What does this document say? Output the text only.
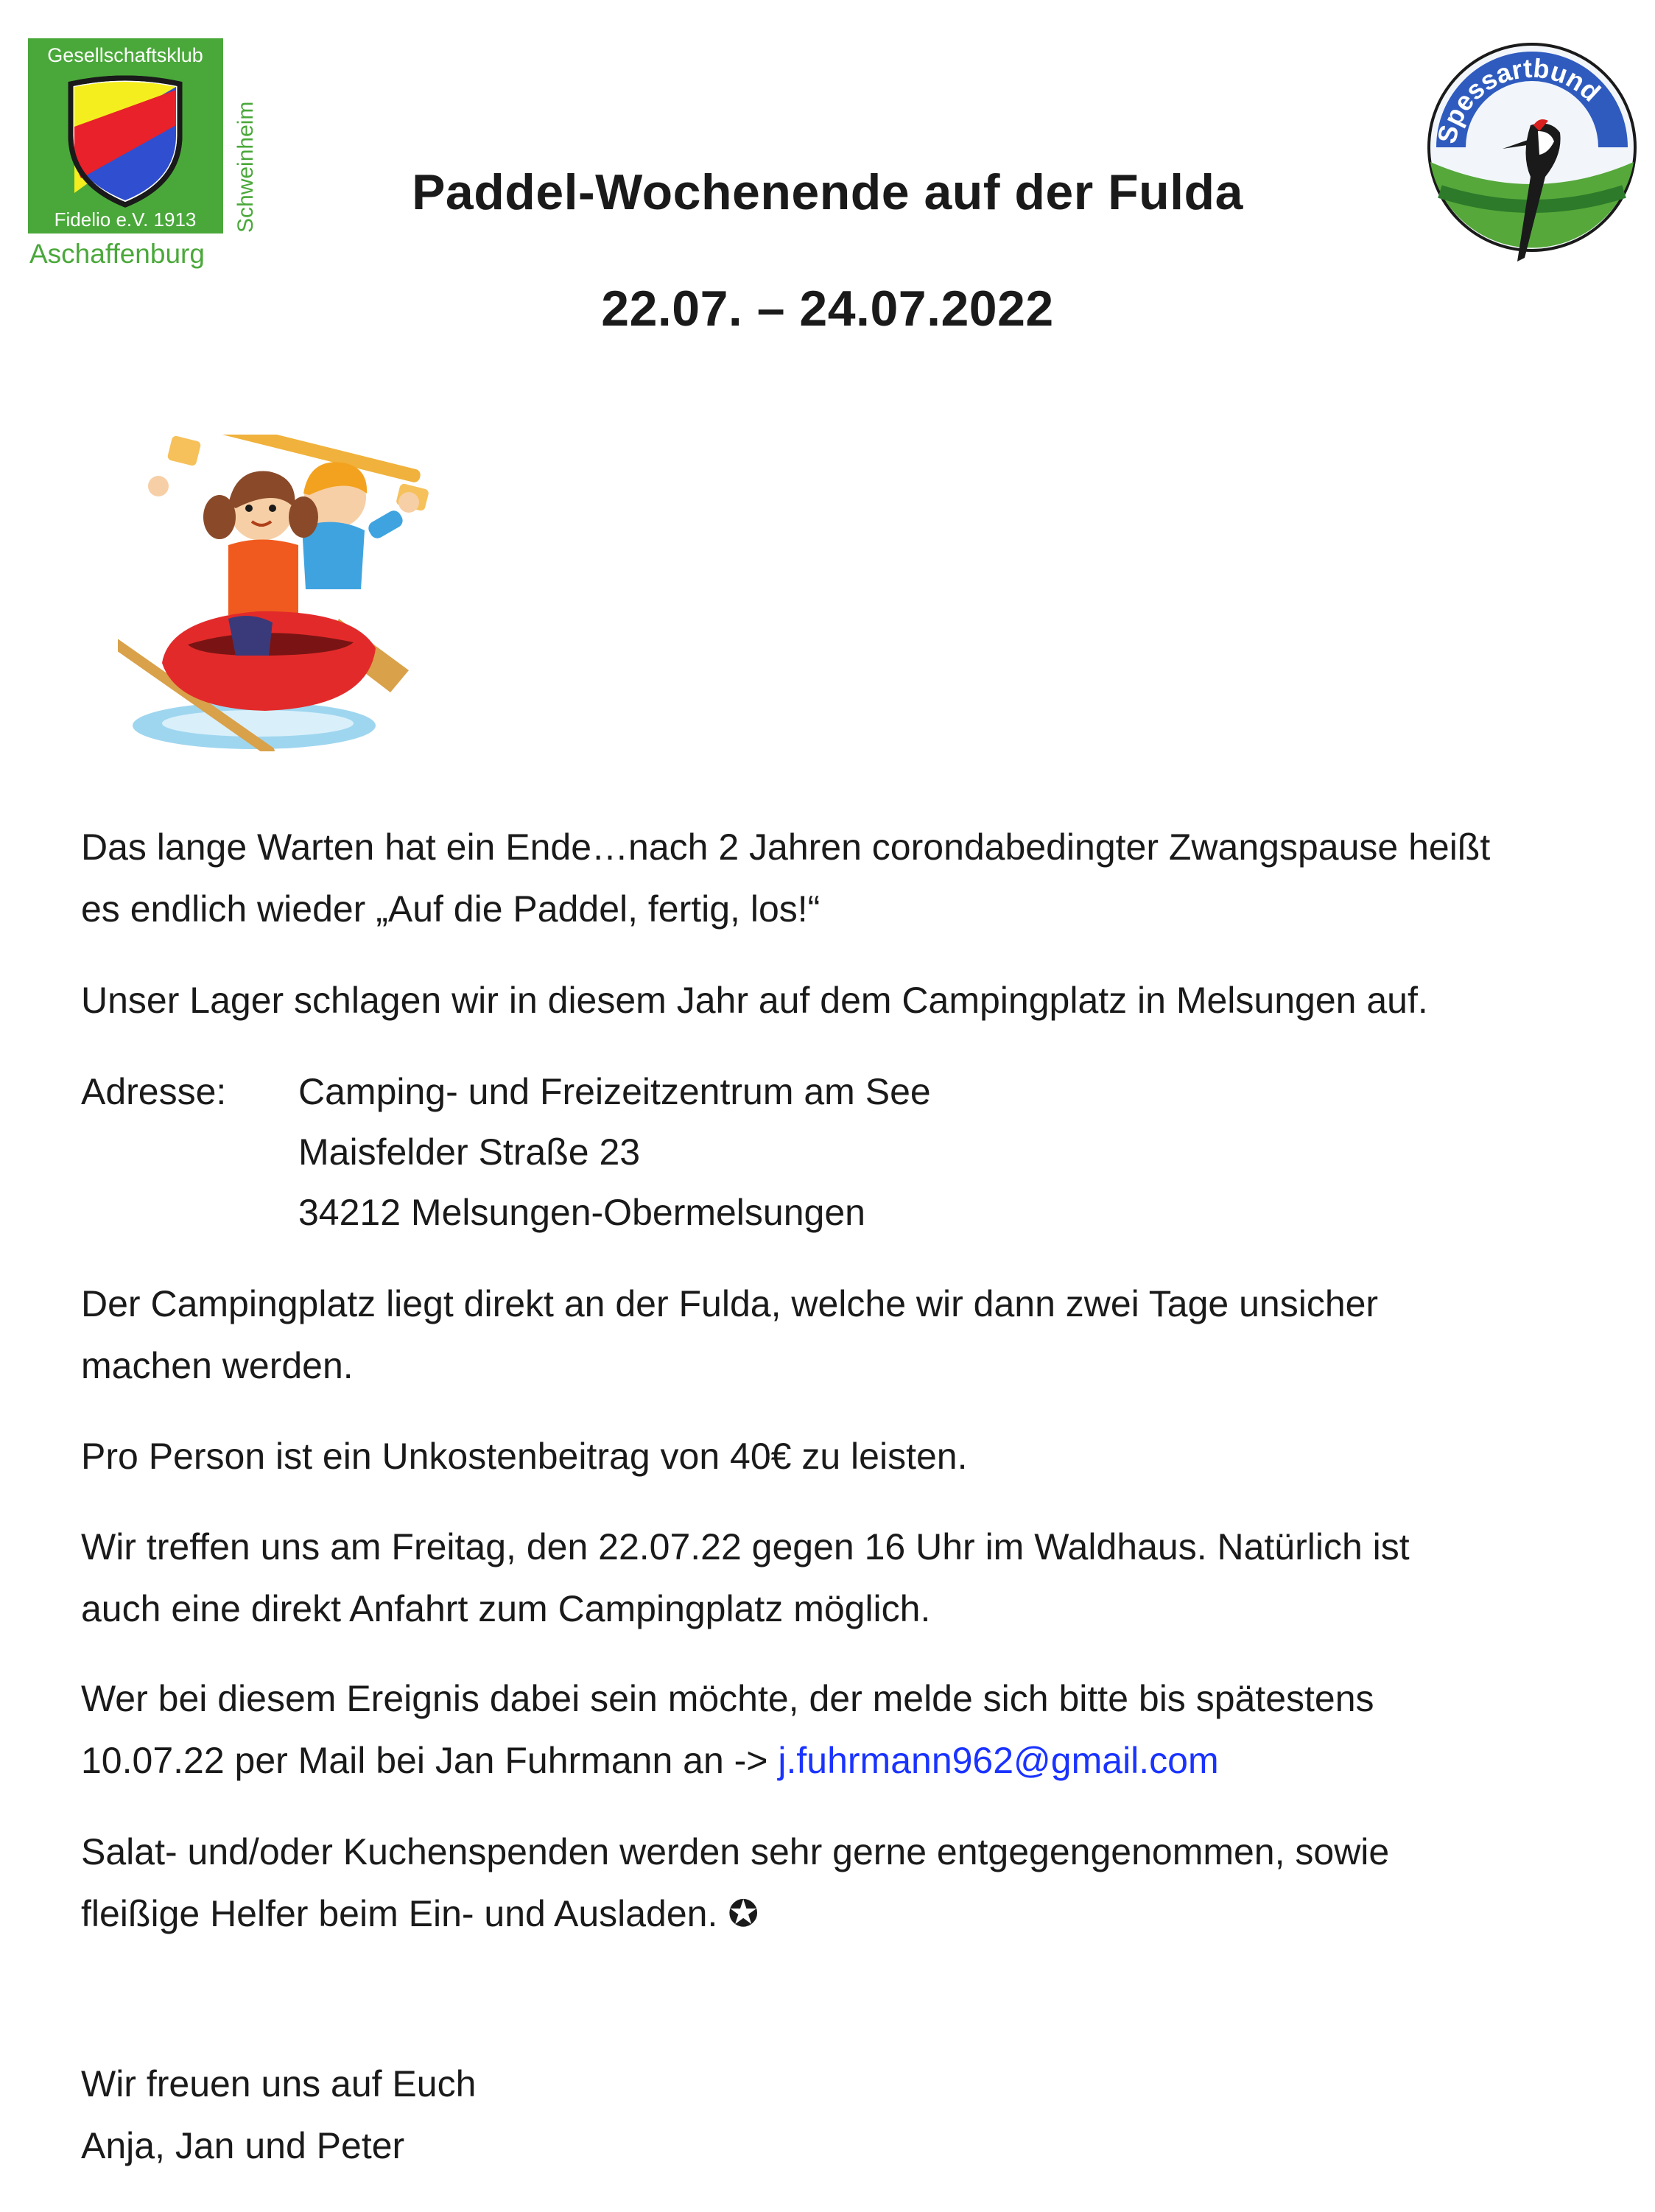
Gesellschaftsklub
Fidelio e.V. 1913 Schweinheim
Aschaffenburg
Spessartbund
Paddel-Wochenende auf der Fulda
22.07. – 24.07.2022

Das lange Warten hat ein Ende…nach 2 Jahren corondabedingter Zwangspause heißt

es endlich wieder „Auf die Paddel, fertig, los!“

Unser Lager schlagen wir in diesem Jahr auf dem Campingplatz in Melsungen auf.

Adresse: Camping- und Freizeitzentrum am See
Maisfelder Straße 23
34212 Melsungen-Obermelsungen

Der Campingplatz liegt direkt an der Fulda, welche wir dann zwei Tage unsicher

machen werden.

Pro Person ist ein Unkostenbeitrag von 40€ zu leisten.

Wir treffen uns am Freitag, den 22.07.22 gegen 16 Uhr im Waldhaus. Natürlich ist

auch eine direkt Anfahrt zum Campingplatz möglich.

Wer bei diesem Ereignis dabei sein möchte, der melde sich bitte bis spätestens

10.07.22 per Mail bei Jan Fuhrmann an -> j.fuhrmann962@gmail.com

Salat- und/oder Kuchenspenden werden sehr gerne entgegengenommen, sowie

fleißige Helfer beim Ein- und Ausladen. ✪

Wir freuen uns auf Euch

Anja, Jan und Peter
